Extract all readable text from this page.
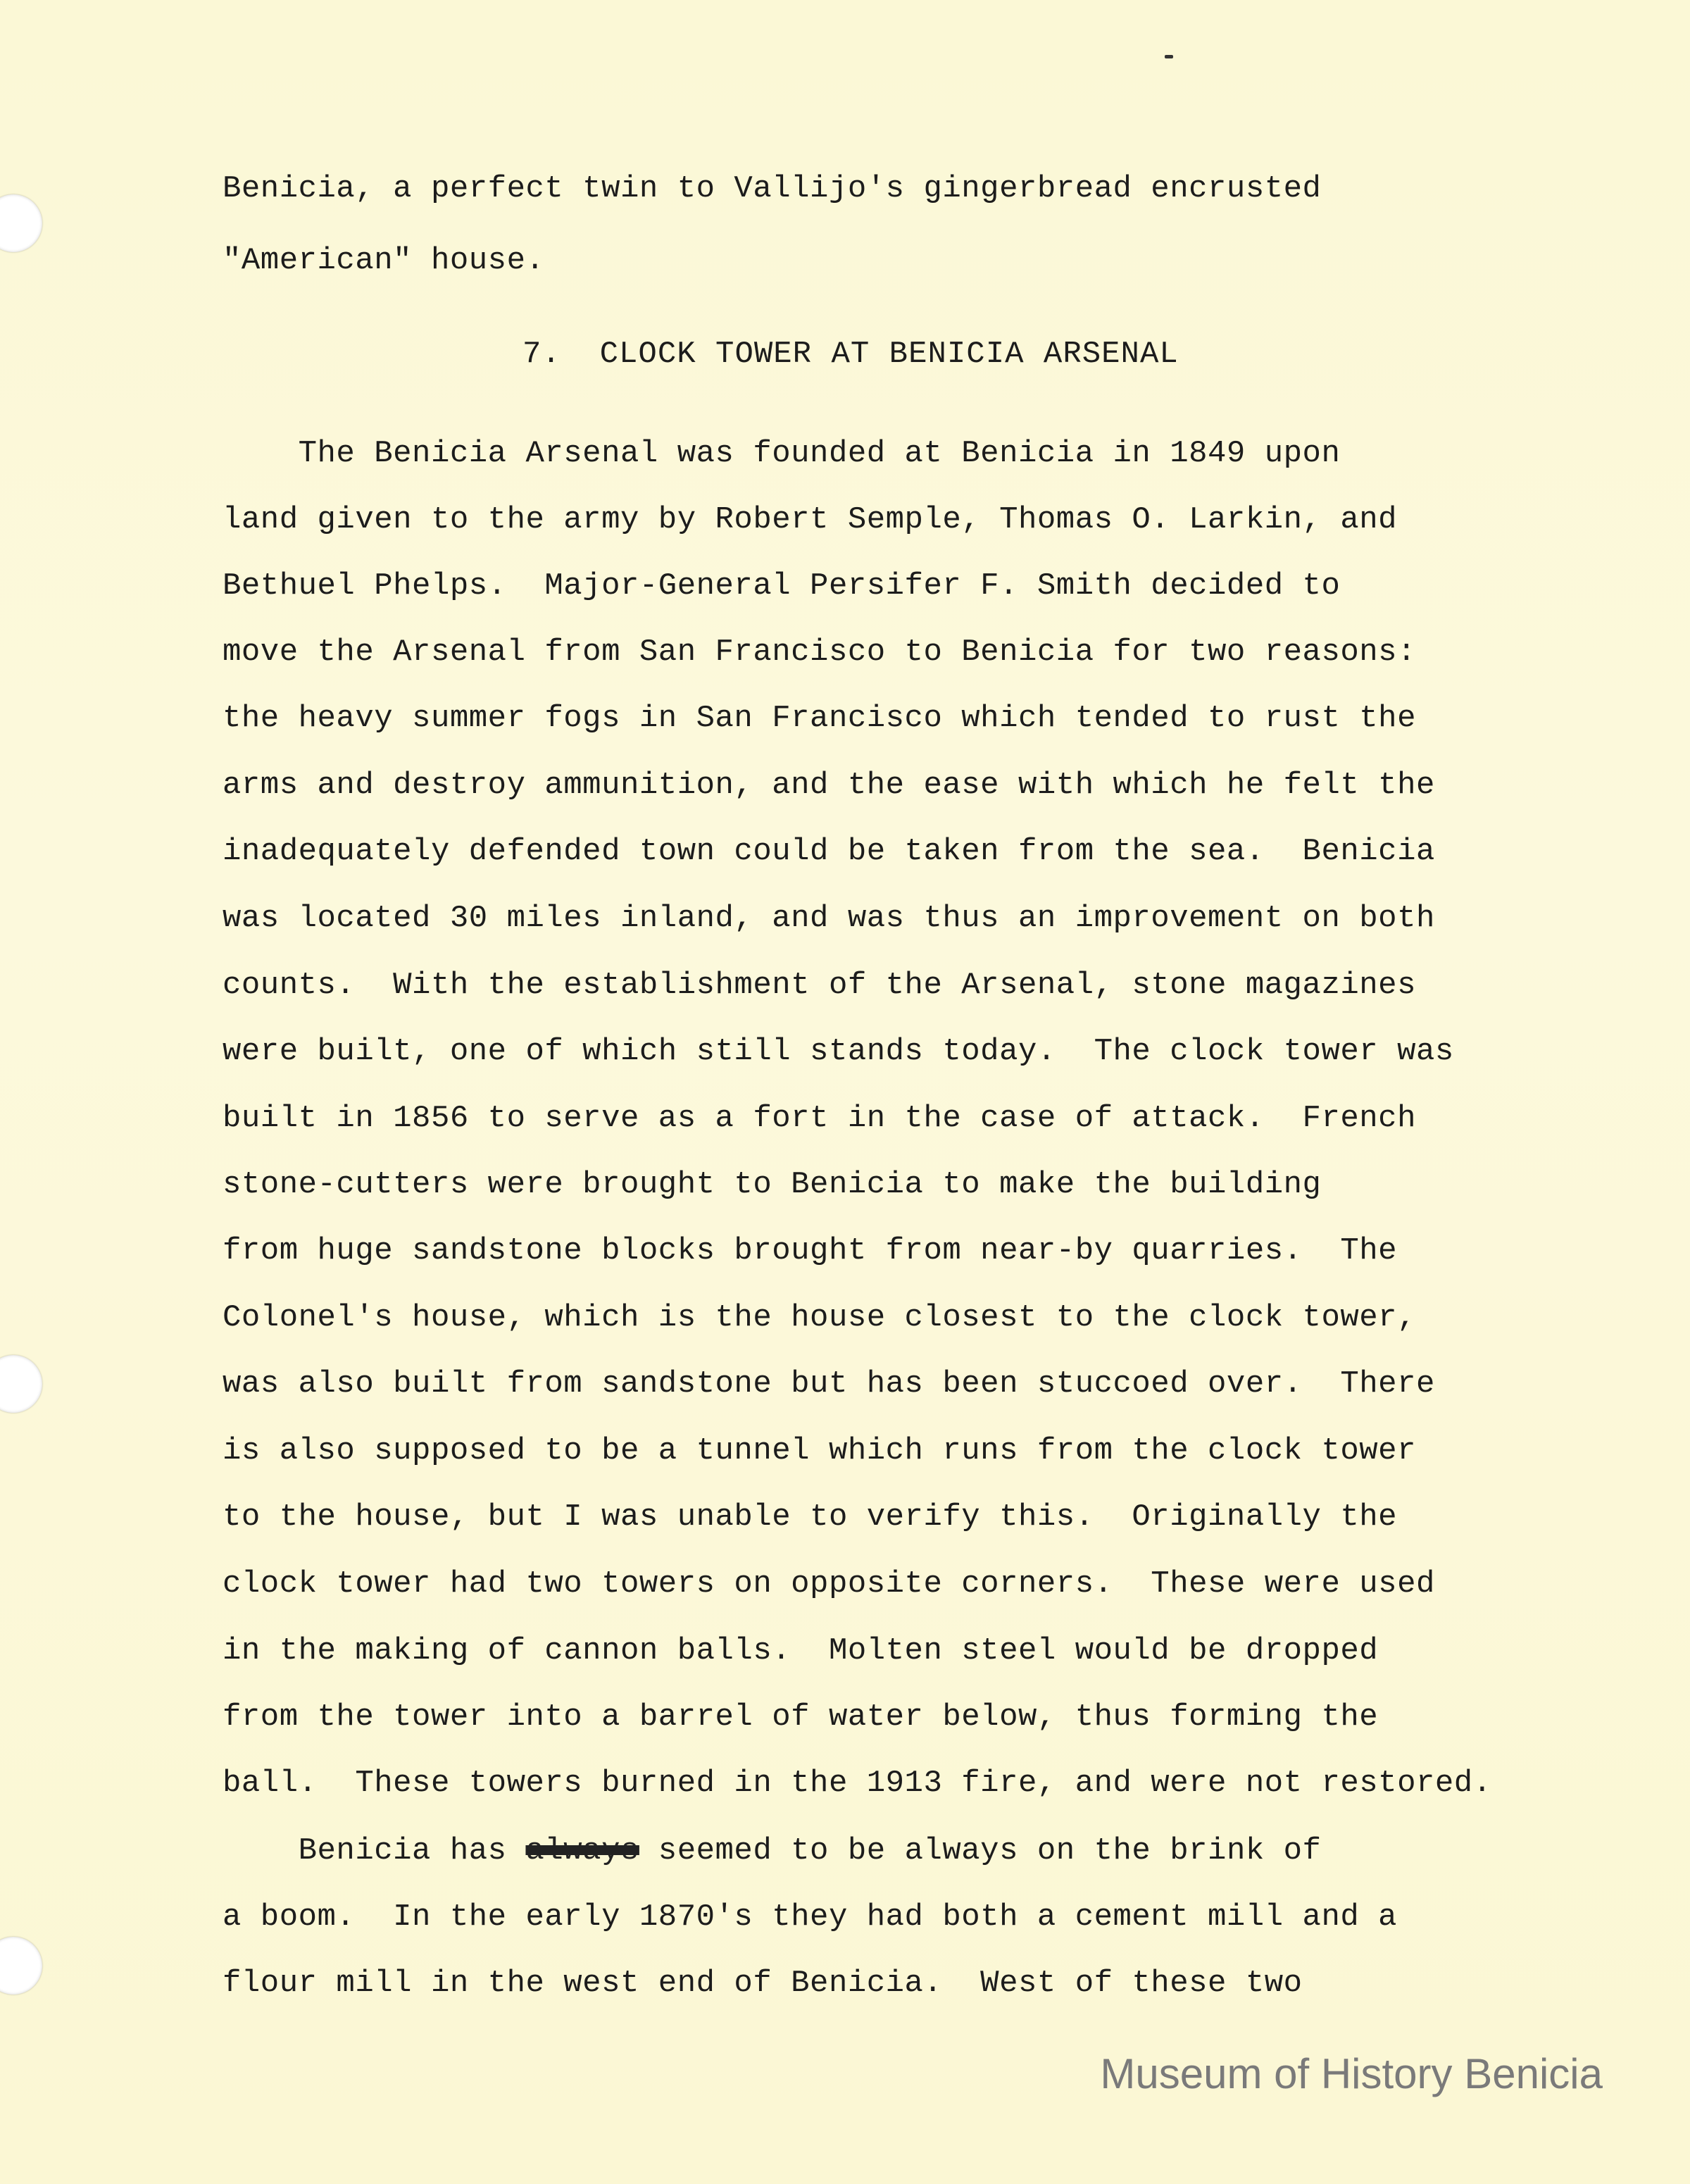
Benicia, a perfect twin to Vallijo's gingerbread encrusted
"American" house.
7.  CLOCK TOWER AT BENICIA ARSENAL
The Benicia Arsenal was founded at Benicia in 1849 upon
land given to the army by Robert Semple, Thomas O. Larkin, and
Bethuel Phelps.  Major-General Persifer F. Smith decided to
move the Arsenal from San Francisco to Benicia for two reasons:
the heavy summer fogs in San Francisco which tended to rust the
arms and destroy ammunition, and the ease with which he felt the
inadequately defended town could be taken from the sea.  Benicia
was located 30 miles inland, and was thus an improvement on both
counts.  With the establishment of the Arsenal, stone magazines
were built, one of which still stands today.  The clock tower was
built in 1856 to serve as a fort in the case of attack.  French
stone-cutters were brought to Benicia to make the building
from huge sandstone blocks brought from near-by quarries.  The
Colonel's house, which is the house closest to the clock tower,
was also built from sandstone but has been stuccoed over.  There
is also supposed to be a tunnel which runs from the clock tower
to the house, but I was unable to verify this.  Originally the
clock tower had two towers on opposite corners.  These were used
in the making of cannon balls.  Molten steel would be dropped
from the tower into a barrel of water below, thus forming the
ball.  These towers burned in the 1913 fire, and were not restored.
Benicia has always seemed to be always on the brink of
a boom.  In the early 1870's they had both a cement mill and a
flour mill in the west end of Benicia.  West of these two
Museum of History Benicia
